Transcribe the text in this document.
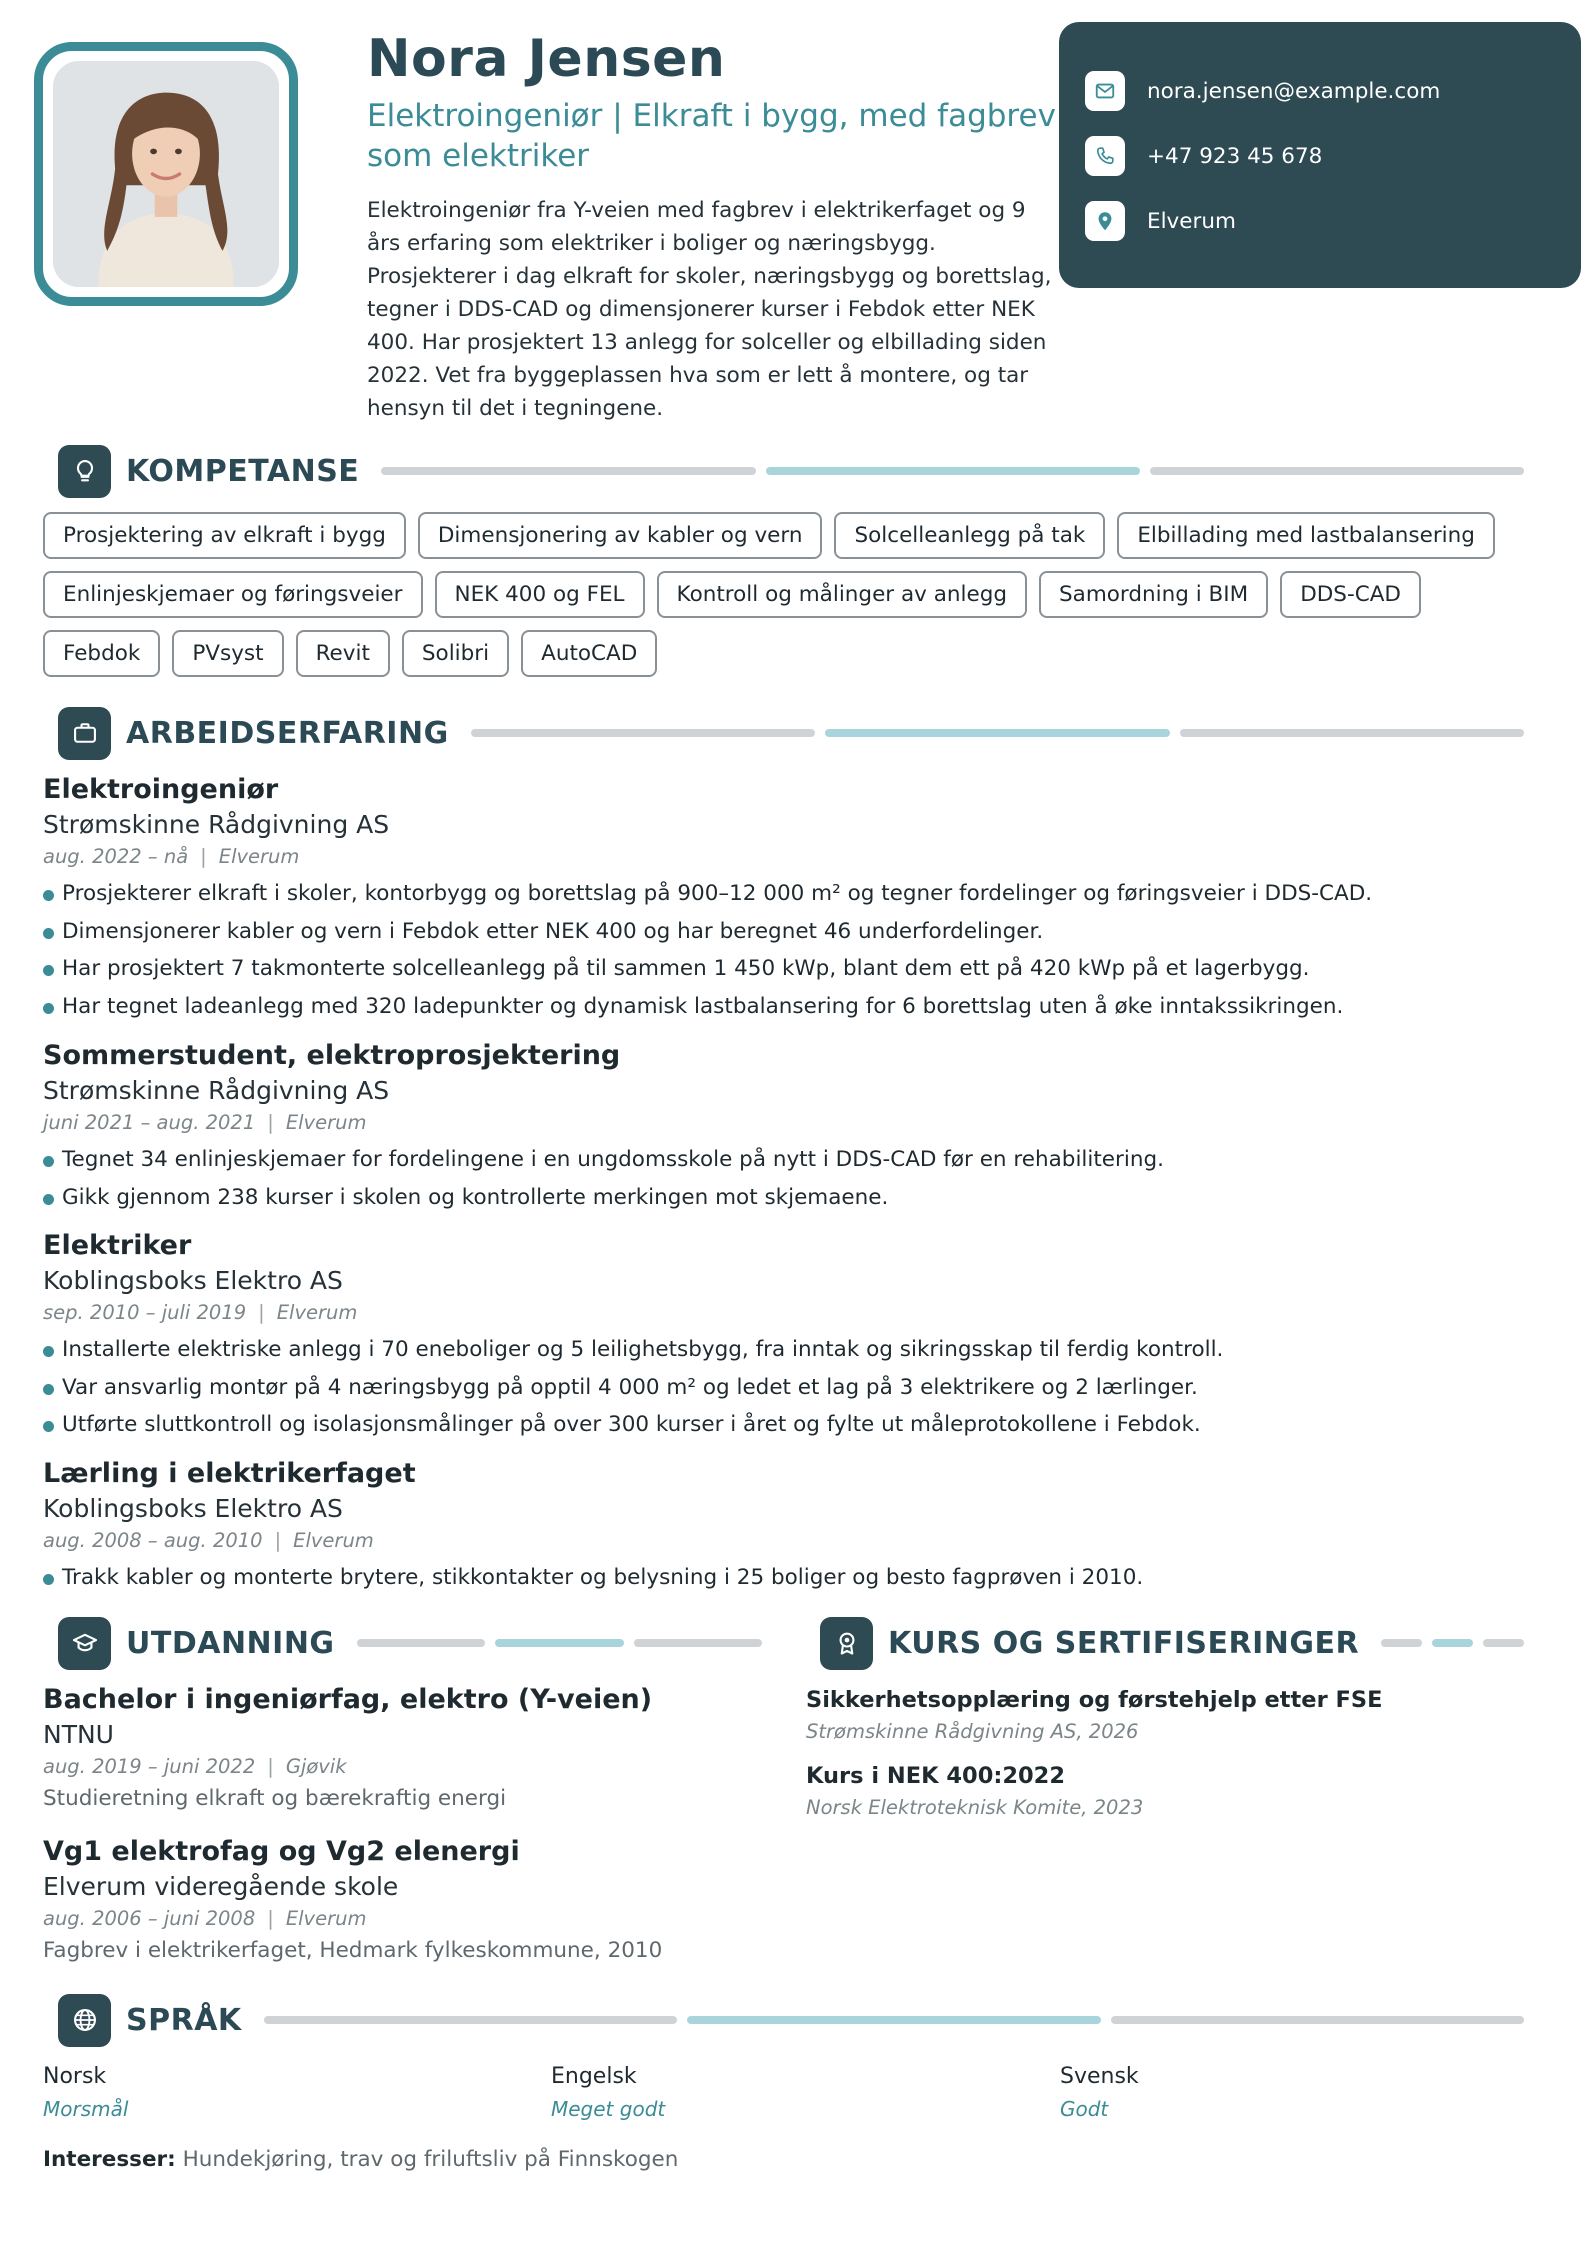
Nora Jensen
Elektroingeniør | Elkraft i bygg, med fagbrev som elektriker
Elektroingeniør fra Y-veien med fagbrev i elektrikerfaget og 9 års erfaring som elektriker i boliger og næringsbygg. Prosjekterer i dag elkraft for skoler, næringsbygg og borettslag, tegner i DDS-CAD og dimensjonerer kurser i Febdok etter NEK 400. Har prosjektert 13 anlegg for solceller og elbillading siden 2022. Vet fra byggeplassen hva som er lett å montere, og tar hensyn til det i tegningene.
nora.jensen@example.com
+47 923 45 678
Elverum
KOMPETANSE
Prosjektering av elkraft i bygg	Dimensjonering av kabler og vern	Solcelleanlegg på tak	Elbillading med lastbalansering
Enlinjeskjemaer og føringsveier	NEK 400 og FEL	Kontroll og målinger av anlegg	Samordning i BIM	DDS-CAD
Febdok	PVsyst	Revit	Solibri	AutoCAD
ARBEIDSERFARING
Elektroingeniør
Strømskinne Rådgivning AS
aug. 2022 – nå | Elverum
Prosjekterer elkraft i skoler, kontorbygg og borettslag på 900–12 000 m² og tegner fordelinger og føringsveier i DDS-CAD.
Dimensjonerer kabler og vern i Febdok etter NEK 400 og har beregnet 46 underfordelinger.
Har prosjektert 7 takmonterte solcelleanlegg på til sammen 1 450 kWp, blant dem ett på 420 kWp på et lagerbygg.
Har tegnet ladeanlegg med 320 ladepunkter og dynamisk lastbalansering for 6 borettslag uten å øke inntakssikringen.
Sommerstudent, elektroprosjektering
Strømskinne Rådgivning AS
juni 2021 – aug. 2021 | Elverum
Tegnet 34 enlinjeskjemaer for fordelingene i en ungdomsskole på nytt i DDS-CAD før en rehabilitering.
Gikk gjennom 238 kurser i skolen og kontrollerte merkingen mot skjemaene.
Elektriker
Koblingsboks Elektro AS
sep. 2010 – juli 2019 | Elverum
Installerte elektriske anlegg i 70 eneboliger og 5 leilighetsbygg, fra inntak og sikringsskap til ferdig kontroll.
Var ansvarlig montør på 4 næringsbygg på opptil 4 000 m² og ledet et lag på 3 elektrikere og 2 lærlinger.
Utførte sluttkontroll og isolasjonsmålinger på over 300 kurser i året og fylte ut måleprotokollene i Febdok.
Lærling i elektrikerfaget
Koblingsboks Elektro AS
aug. 2008 – aug. 2010 | Elverum
Trakk kabler og monterte brytere, stikkontakter og belysning i 25 boliger og besto fagprøven i 2010.
UTDANNING
Bachelor i ingeniørfag, elektro (Y-veien)
NTNU
aug. 2019 – juni 2022 | Gjøvik
Studieretning elkraft og bærekraftig energi
Vg1 elektrofag og Vg2 elenergi
Elverum videregående skole
aug. 2006 – juni 2008 | Elverum
Fagbrev i elektrikerfaget, Hedmark fylkeskommune, 2010
KURS OG SERTIFISERINGER
Sikkerhetsopplæring og førstehjelp etter FSE
Strømskinne Rådgivning AS, 2026
Kurs i NEK 400:2022
Norsk Elektroteknisk Komite, 2023
SPRÅK
Norsk
Morsmål
Engelsk
Meget godt
Svensk
Godt
Interesser: Hundekjøring, trav og friluftsliv på Finnskogen
